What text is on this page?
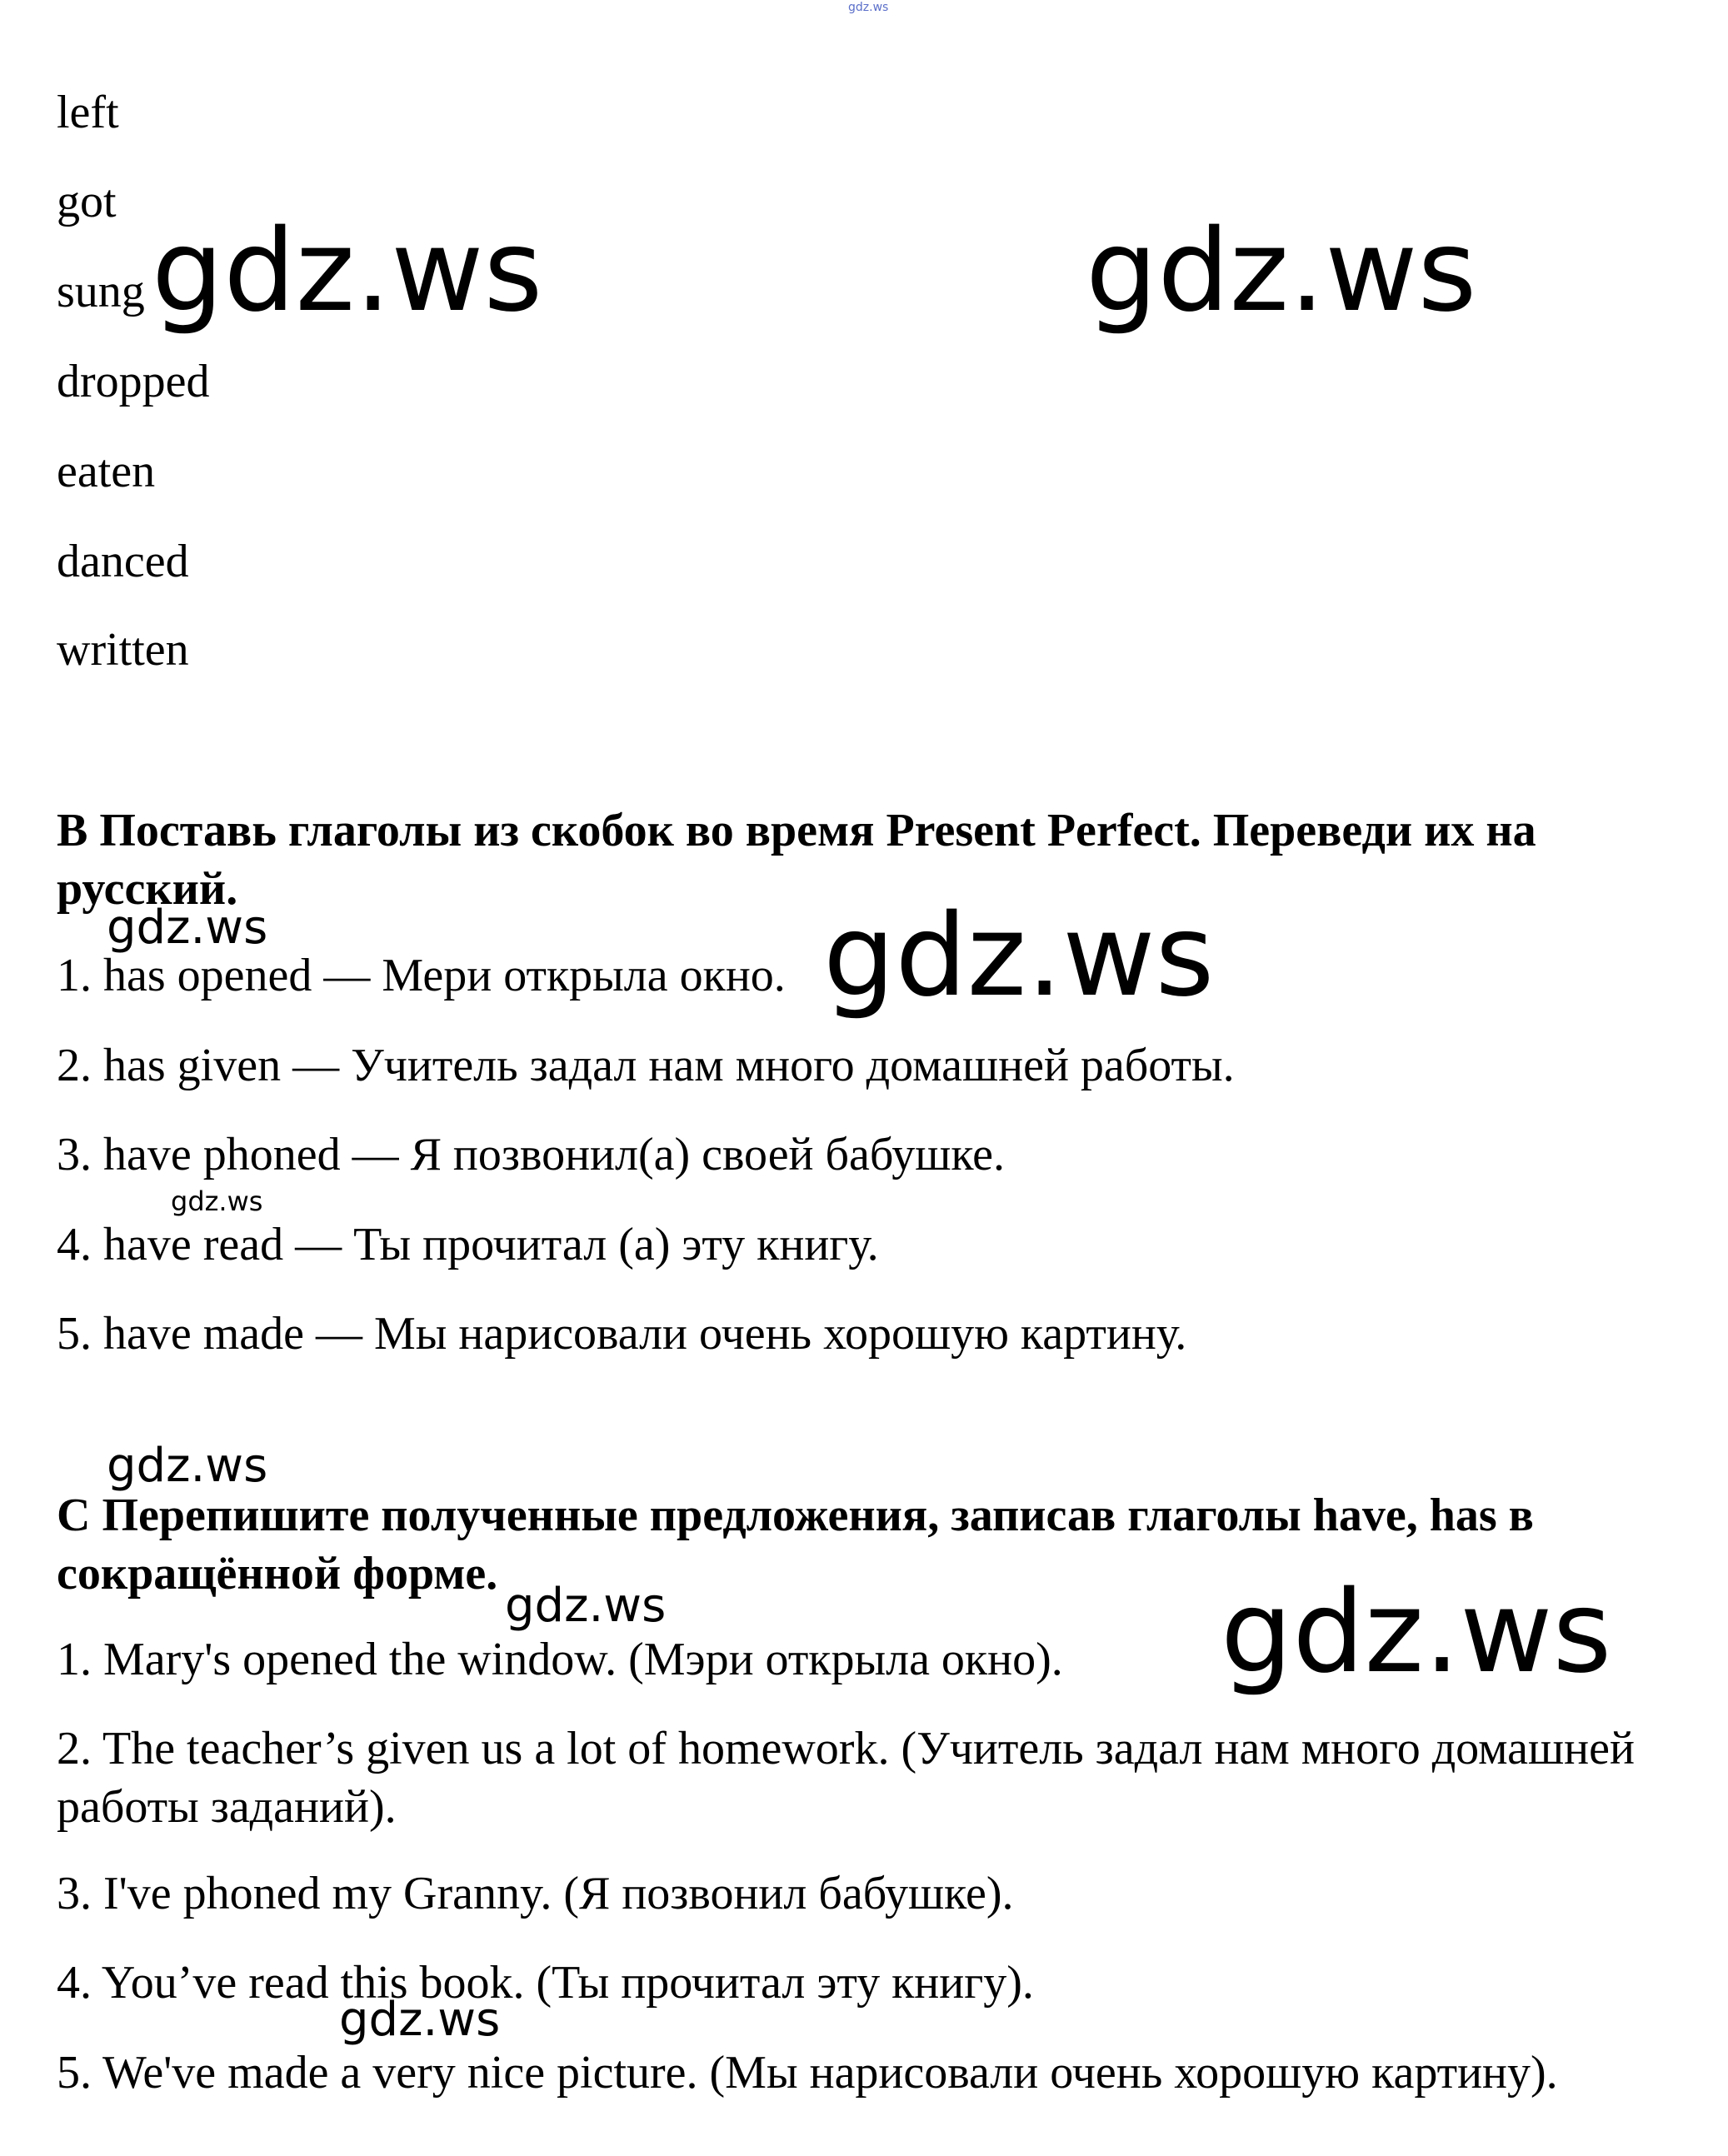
left
got
sung
dropped
eaten
danced
written
B Поставь глаголы из скобок во время Present Perfect. Переведи их на русский.
1. has opened — Мери открыла окно.
2. has given — Учитель задал нам много домашней работы.
3. have phoned — Я позвонил(а) своей бабушке.
4. have read — Ты прочитал (а) эту книгу.
5. have made — Мы нарисовали очень хорошую картину.
C Перепишите полученные предложения, записав глаголы have, has в сокращённой форме.
1. Mary's opened the window. (Мэри открыла окно).
2. The teacher’s given us a lot of homework. (Учитель задал нам много домашней работы заданий).
3. I've phoned my Granny. (Я позвонил бабушке).
4. You’ve read this book. (Ты прочитал эту книгу).
5. We've made a very nice picture. (Мы нарисовали очень хорошую картину).
gdz.ws
gdz.ws	gdz.ws
gdz.ws	gdz.ws
gdz.ws
gdz.ws
gdz.ws	gdz.ws
gdz.ws
